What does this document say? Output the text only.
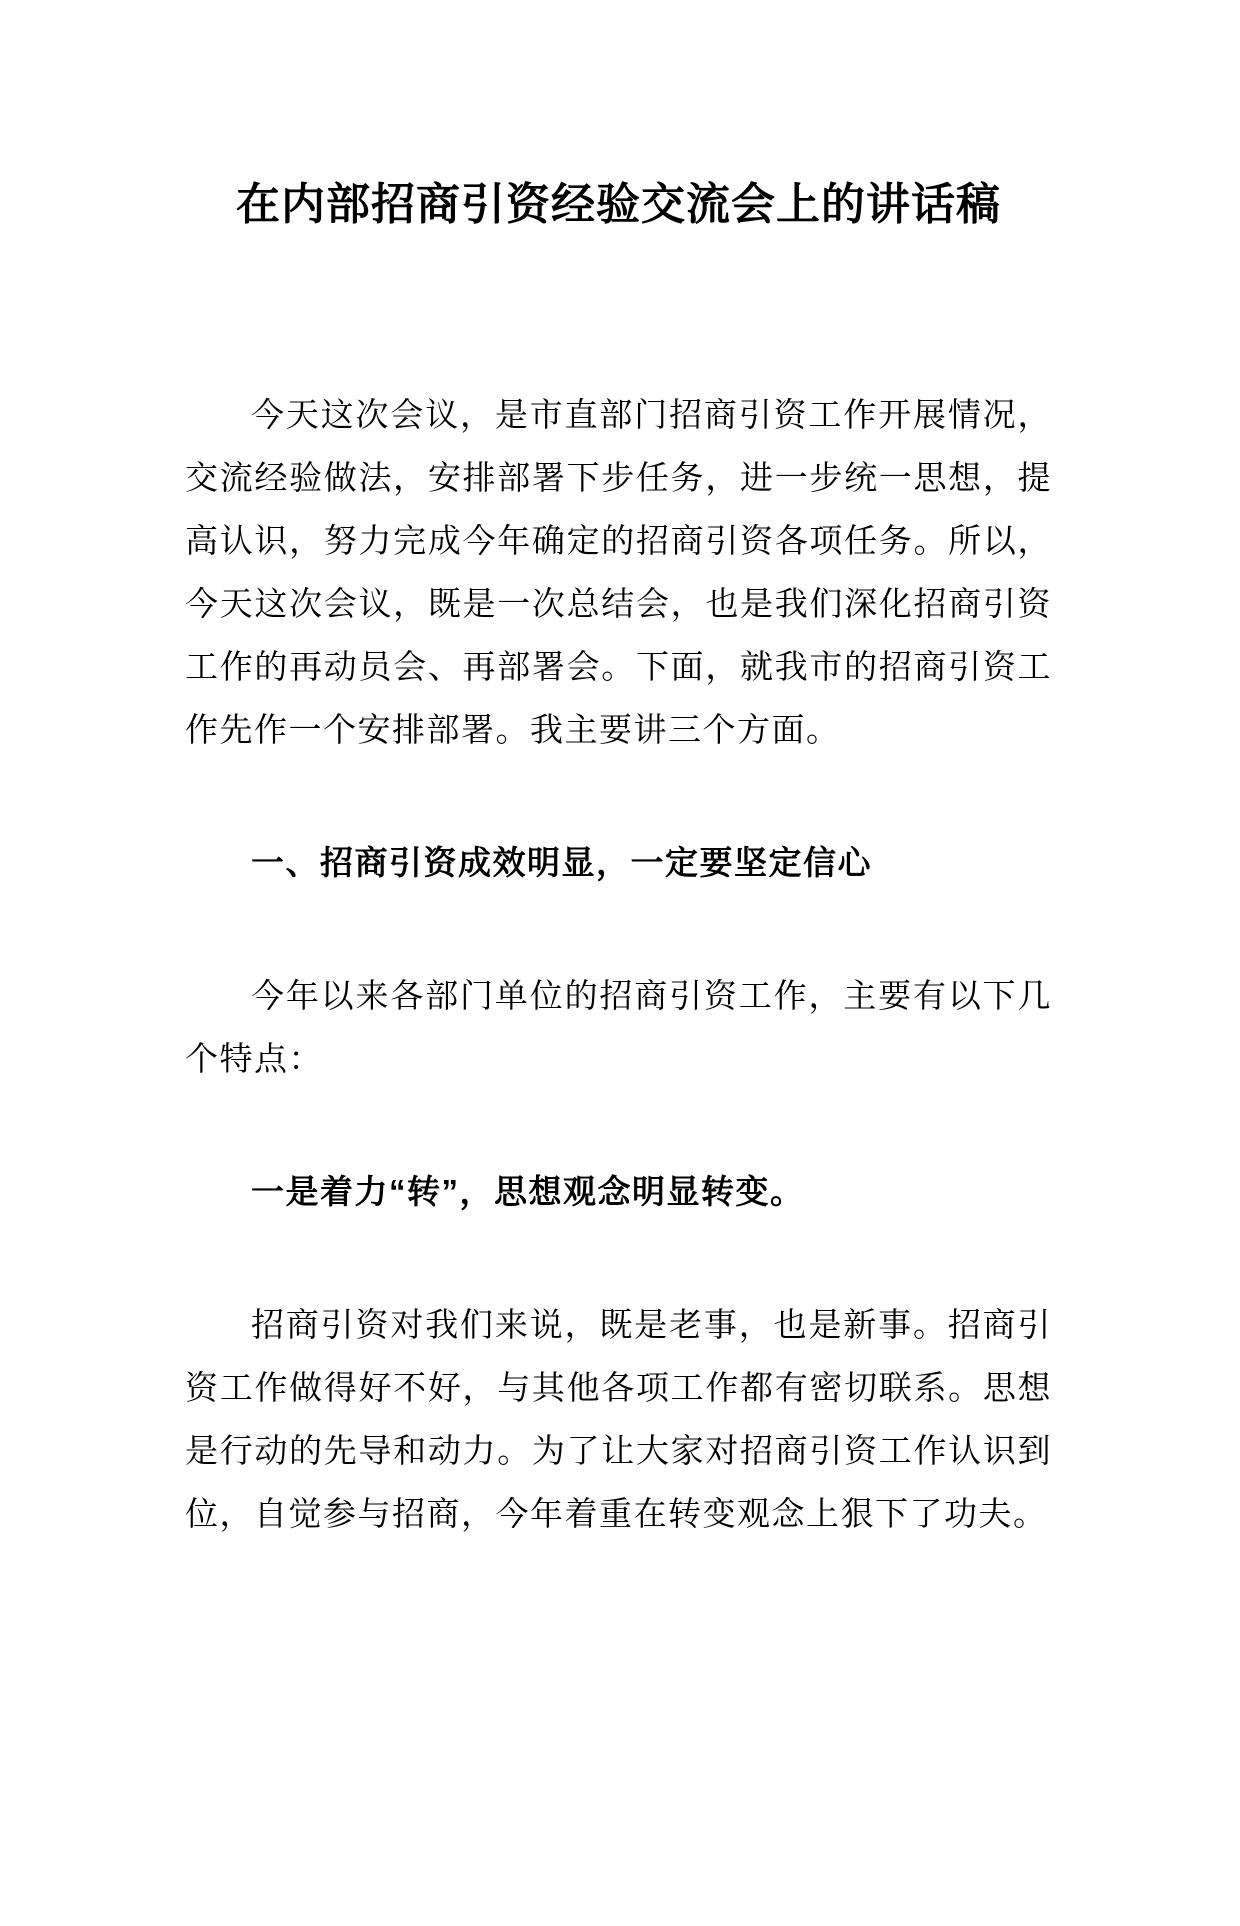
在内部招商引资经验交流会上的讲话稿

今天这次会议，是市直部门招商引资工作开展情况，交流经验做法，安排部署下步任务，进一步统一思想，提高认识，努力完成今年确定的招商引资各项任务。所以，今天这次会议，既是一次总结会，也是我们深化招商引资工作的再动员会、再部署会。下面，就我市的招商引资工作先作一个安排部署。我主要讲三个方面。

一、招商引资成效明显，一定要坚定信心

今年以来各部门单位的招商引资工作，主要有以下几个特点：

一是着力“转”，思想观念明显转变。

招商引资对我们来说，既是老事，也是新事。招商引资工作做得好不好，与其他各项工作都有密切联系。思想是行动的先导和动力。为了让大家对招商引资工作认识到位，自觉参与招商，今年着重在转变观念上狠下了功夫。
